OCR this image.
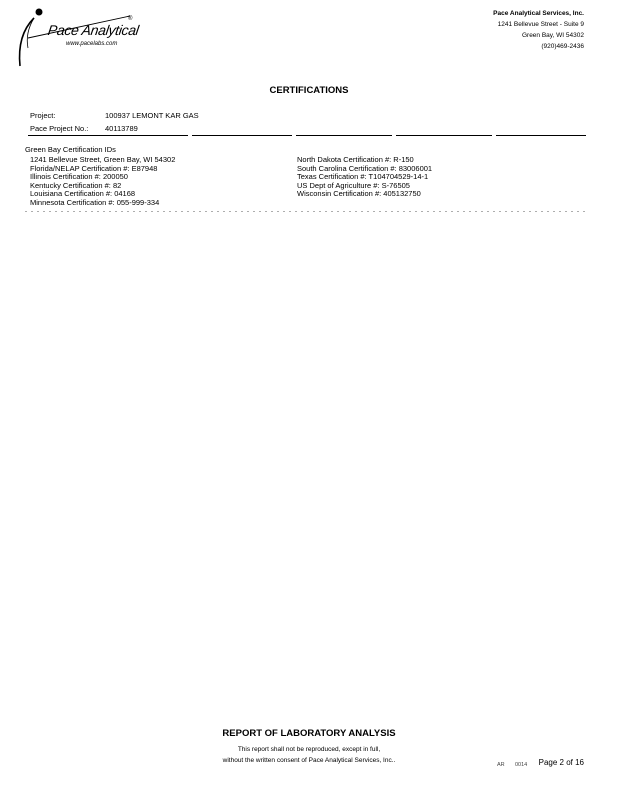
Pace Analytical
®
www.pacelabs.com
Pace Analytical Services, Inc.
1241 Bellevue Street - Suite 9
Green Bay, WI 54302
(920)469-2436
CERTIFICATIONS
Project:	100937 LEMONT KAR GAS
Pace Project No.: 40113789
Green Bay Certification IDs
1241 Bellevue Street, Green Bay, WI 54302
Florida/NELAP Certification #: E87948
Illinois Certification #: 200050
Kentucky Certification #: 82
Louisiana Certification #: 04168
Minnesota Certification #: 055-999-334
North Dakota Certification #: R-150
South Carolina Certification #: 83006001
Texas Certification #: T104704529-14-1
US Dept of Agriculture #: S-76505
Wisconsin Certification #: 405132750
REPORT OF LABORATORY ANALYSIS
This report shall not be reproduced, except in full,
without the written consent of Pace Analytical Services, Inc..
AR 0014 Page 2 of 16
